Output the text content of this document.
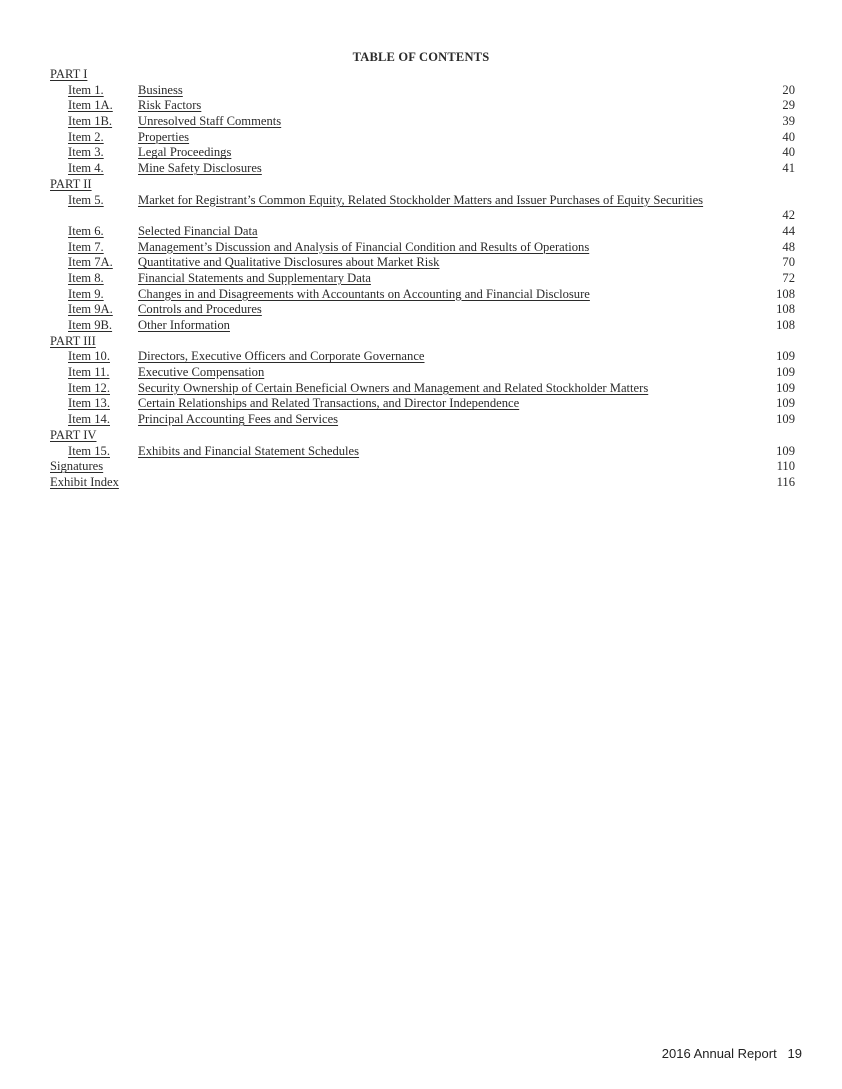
TABLE OF CONTENTS
PART I
Item 1.	Business	20
Item 1A. Risk Factors	29
Item 1B. Unresolved Staff Comments	39
Item 2.	Properties	40
Item 3.	Legal Proceedings	40
Item 4.	Mine Safety Disclosures	41
PART II
Item 5.	Market for Registrant’s Common Equity, Related Stockholder Matters and Issuer Purchases of Equity Securities
42
Item 6.	Selected Financial Data	44
Item 7.	Management’s Discussion and Analysis of Financial Condition and Results of Operations	48
Item 7A. Quantitative and Qualitative Disclosures about Market Risk	70
Item 8.	Financial Statements and Supplementary Data	72
Item 9.	Changes in and Disagreements with Accountants on Accounting and Financial Disclosure	108
Item 9A. Controls and Procedures	108
Item 9B. Other Information	108
PART III
Item 10. Directors, Executive Officers and Corporate Governance	109
Item 11. Executive Compensation	109
Item 12. Security Ownership of Certain Beneficial Owners and Management and Related Stockholder Matters	109
Item 13. Certain Relationships and Related Transactions, and Director Independence	109
Item 14. Principal Accounting Fees and Services	109
PART IV
Item 15. Exhibits and Financial Statement Schedules	109
Signatures	110
Exhibit Index	116
2016 Annual Report 19
